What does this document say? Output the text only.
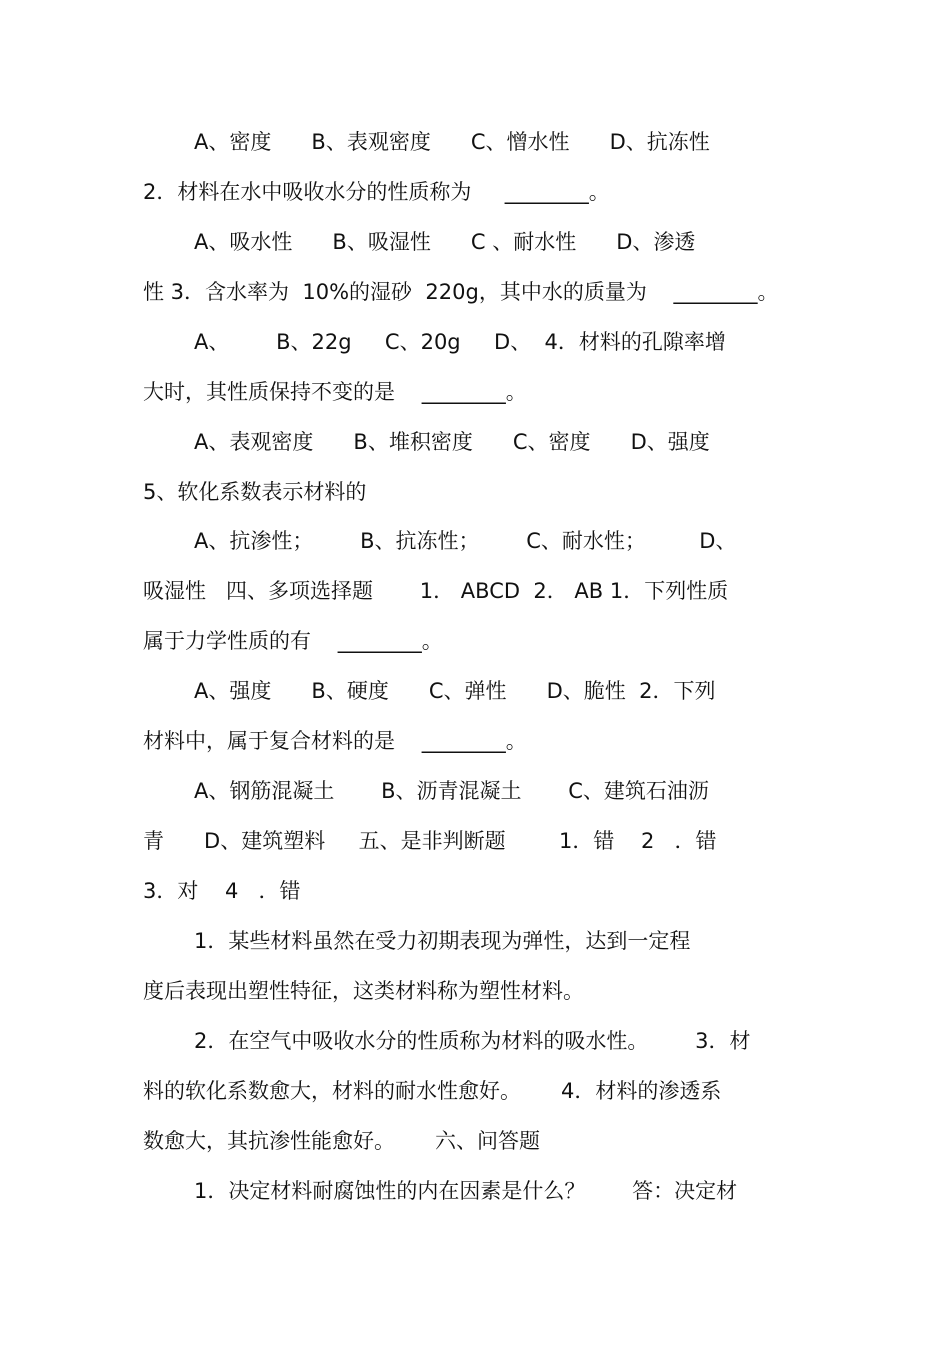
A、密度      B、表观密度      C、憎水性      D、抗冻性
2．材料在水中吸收水分的性质称为     ________。
A、吸水性      B、吸湿性      C 、耐水性      D、渗透
性 3．含水率为  10%的湿砂  220g，其中水的质量为    ________。
A、       B、22g     C、20g     D、  4．材料的孔隙率增
大时，其性质保持不变的是    ________。
A、表观密度      B、堆积密度      C、密度      D、强度
5、软化系数表示材料的
A、抗渗性；       B、抗冻性；       C、耐水性；        D、
吸湿性   四、多项选择题       1． ABCD  2． AB 1．下列性质
属于力学性质的有    ________。
A、强度      B、硬度      C、弹性      D、脆性  2．下列
材料中，属于复合材料的是    ________。
A、钢筋混凝土       B、沥青混凝土       C、建筑石油沥
青      D、建筑塑料     五、是非判断题        1．错    2   ．错
3．对    4   ．错
1．某些材料虽然在受力初期表现为弹性，达到一定程
度后表现出塑性特征，这类材料称为塑性材料。
2．在空气中吸收水分的性质称为材料的吸水性。       3．材
料的软化系数愈大，材料的耐水性愈好。      4．材料的渗透系
数愈大，其抗渗性能愈好。      六、问答题
1．决定材料耐腐蚀性的内在因素是什么？       答：决定材
